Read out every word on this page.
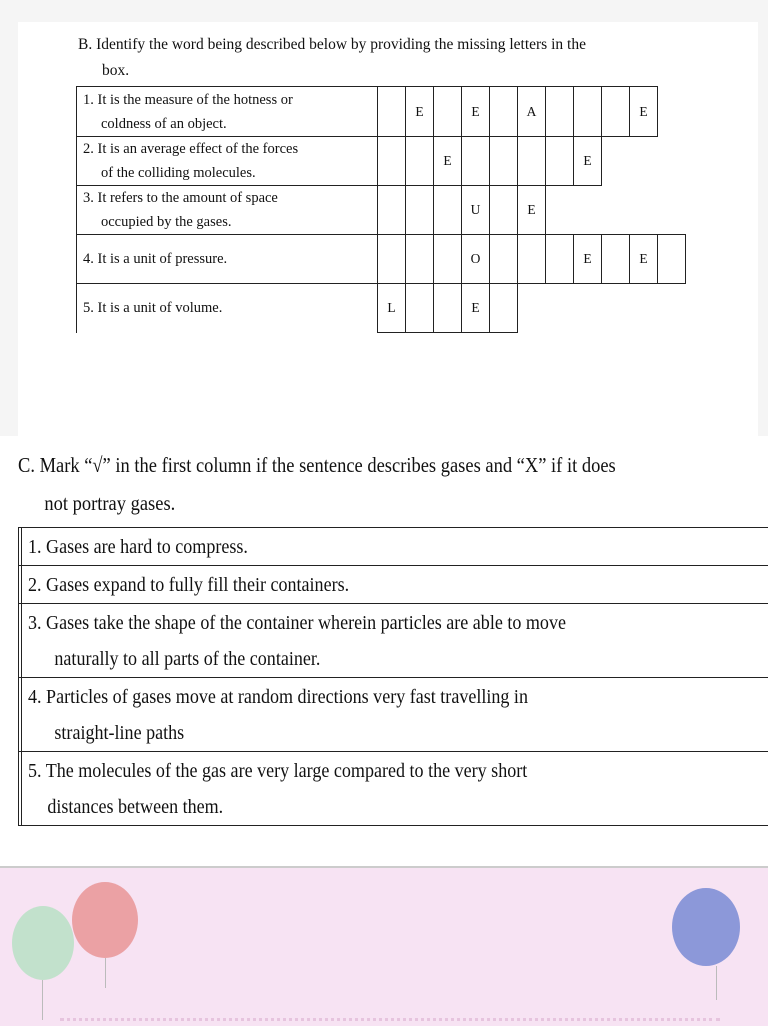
B. Identify the word being described below by providing the missing letters in the
box.
1. It is the measure of the hotness or
coldness of an object.		E		E		A				E	
2. It is an average effect of the forces
of the colliding molecules.			E					E			
3. It refers to the amount of space
occupied by the gases.				U		E					
4. It is a unit of pressure.				O				E		E	
5. It is a unit of volume.	L			E							
C. Mark “√” in the first column if the sentence describes gases and “X” if it does
not portray gases.

	1. Gases are hard to compress.

	2. Gases expand to fully fill their containers.

	3. Gases take the shape of the container wherein particles are able to move
naturally to all parts of the container.

	4. Particles of gases move at random directions very fast travelling in
straight-line paths

	5. The molecules of the gas are very large compared to the very short
distances between them.
